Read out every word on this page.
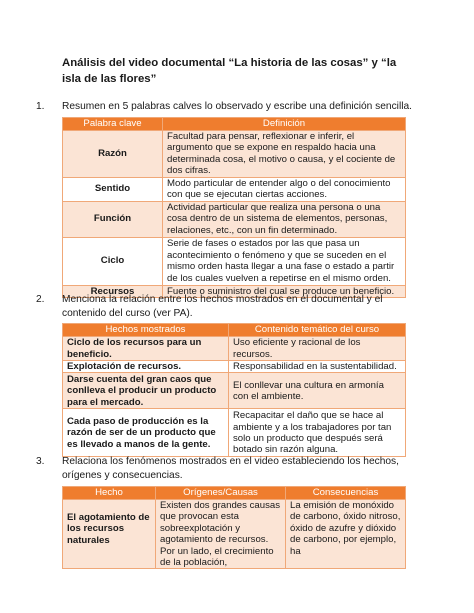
Análisis del video documental “La historia de las cosas” y “la isla de las flores”
1. Resumen en 5 palabras calves lo observado y escribe una definición sencilla.
Palabra clave	Definición
Razón	Facultad para pensar, reflexionar e inferir, el argumento que se expone en respaldo hacia una determinada cosa, el motivo o causa, y el cociente de dos cifras.
Sentido	Modo particular de entender algo o del conocimiento con que se ejecutan ciertas acciones.
Función	Actividad particular que realiza una persona o una cosa dentro de un sistema de elementos, personas, relaciones, etc., con un fin determinado.
Ciclo	Serie de fases o estados por las que pasa un acontecimiento o fenómeno y que se suceden en el mismo orden hasta llegar a una fase o estado a partir de los cuales vuelven a repetirse en el mismo orden.
Recursos	Fuente o suministro del cual se produce un beneficio.
2. Menciona la relación entre los hechos mostrados en el documental y el contenido del curso (ver PA).
Hechos mostrados	Contenido temático del curso
Ciclo de los recursos para un beneficio.	Uso eficiente y racional de los recursos.
Explotación de recursos.	Responsabilidad en la sustentabilidad.
Darse cuenta del gran caos que conlleva el producir un producto para el mercado.	El conllevar una cultura en armonía con el ambiente.
Cada paso de producción es la razón de ser de un producto que es llevado a manos de la gente.	Recapacitar el daño que se hace al ambiente y a los trabajadores por tan solo un producto que después será botado sin razón alguna.
3. Relaciona los fenómenos mostrados en el video estableciendo los hechos, orígenes y consecuencias.
Hecho	Orígenes/Causas	Consecuencias
El agotamiento de los recursos naturales	Existen dos grandes causas que provocan esta sobreexplotación y agotamiento de recursos. Por un lado, el crecimiento de la población,	La emisión de monóxido de carbono, óxido nitroso, óxido de azufre y dióxido de carbono, por ejemplo, ha
